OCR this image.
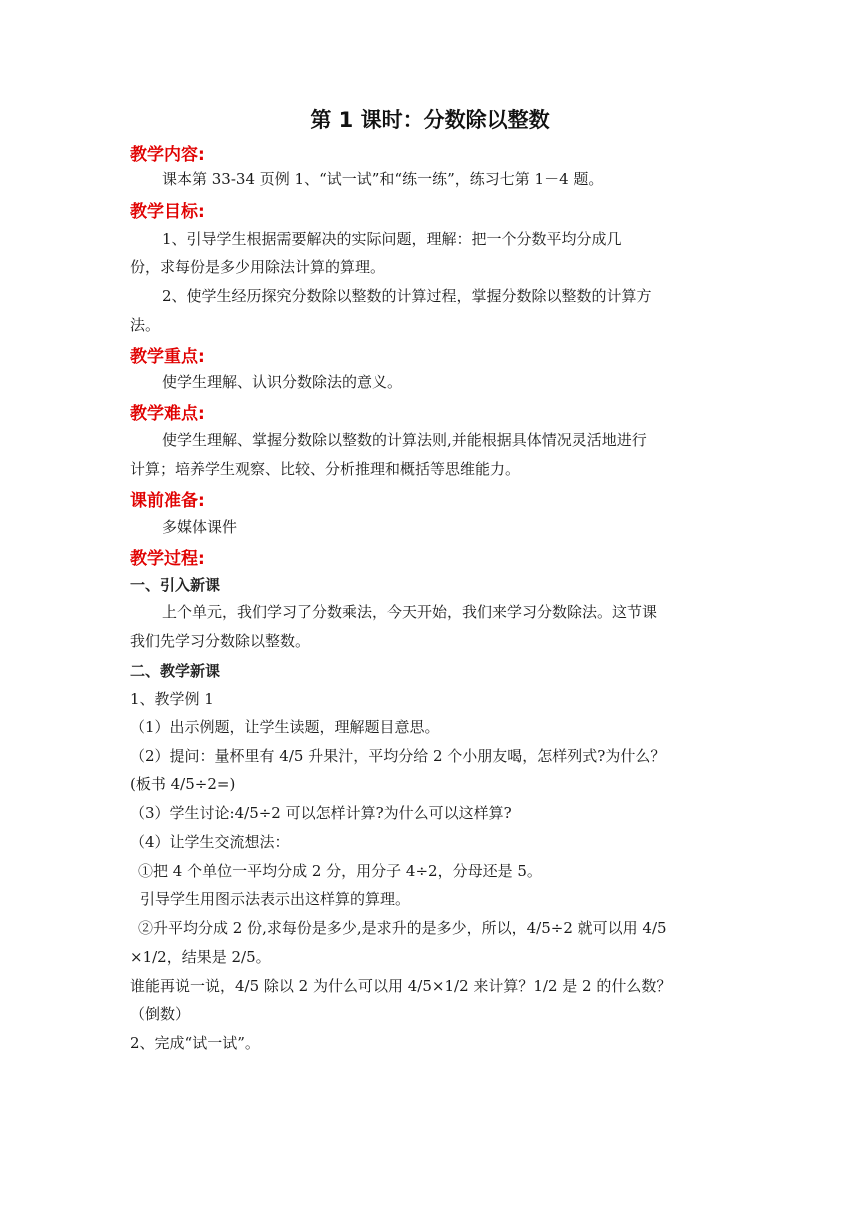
第 1 课时：分数除以整数
教学内容:
课本第 33-34 页例 1、“试一试”和“练一练”，练习七第 1－4 题。
教学目标:
1、引导学生根据需要解决的实际问题，理解：把一个分数平均分成几
份，求每份是多少用除法计算的算理。
2、使学生经历探究分数除以整数的计算过程，掌握分数除以整数的计算方
法。
教学重点:
使学生理解、认识分数除法的意义。
教学难点:
使学生理解、掌握分数除以整数的计算法则,并能根据具体情况灵活地进行
计算；培养学生观察、比较、分析推理和概括等思维能力。
课前准备:
多媒体课件
教学过程:
一、引入新课
上个单元，我们学习了分数乘法，今天开始，我们来学习分数除法。这节课
我们先学习分数除以整数。
二、教学新课
1、教学例 1
（1）出示例题，让学生读题，理解题目意思。
（2）提问：量杯里有 4/5 升果汁，平均分给 2 个小朋友喝，怎样列式?为什么？
(板书 4/5÷2=)
（3）学生讨论:4/5÷2 可以怎样计算?为什么可以这样算?
（4）让学生交流想法：
①把 4 个单位一平均分成 2 分，用分子 4÷2，分母还是 5。
引导学生用图示法表示出这样算的算理。
②升平均分成 2 份,求每份是多少,是求升的是多少，所以，4/5÷2 就可以用 4/5
×1/2，结果是 2/5。
谁能再说一说，4/5 除以 2 为什么可以用 4/5×1/2 来计算？1/2 是 2 的什么数？
（倒数）
2、完成“试一试”。
